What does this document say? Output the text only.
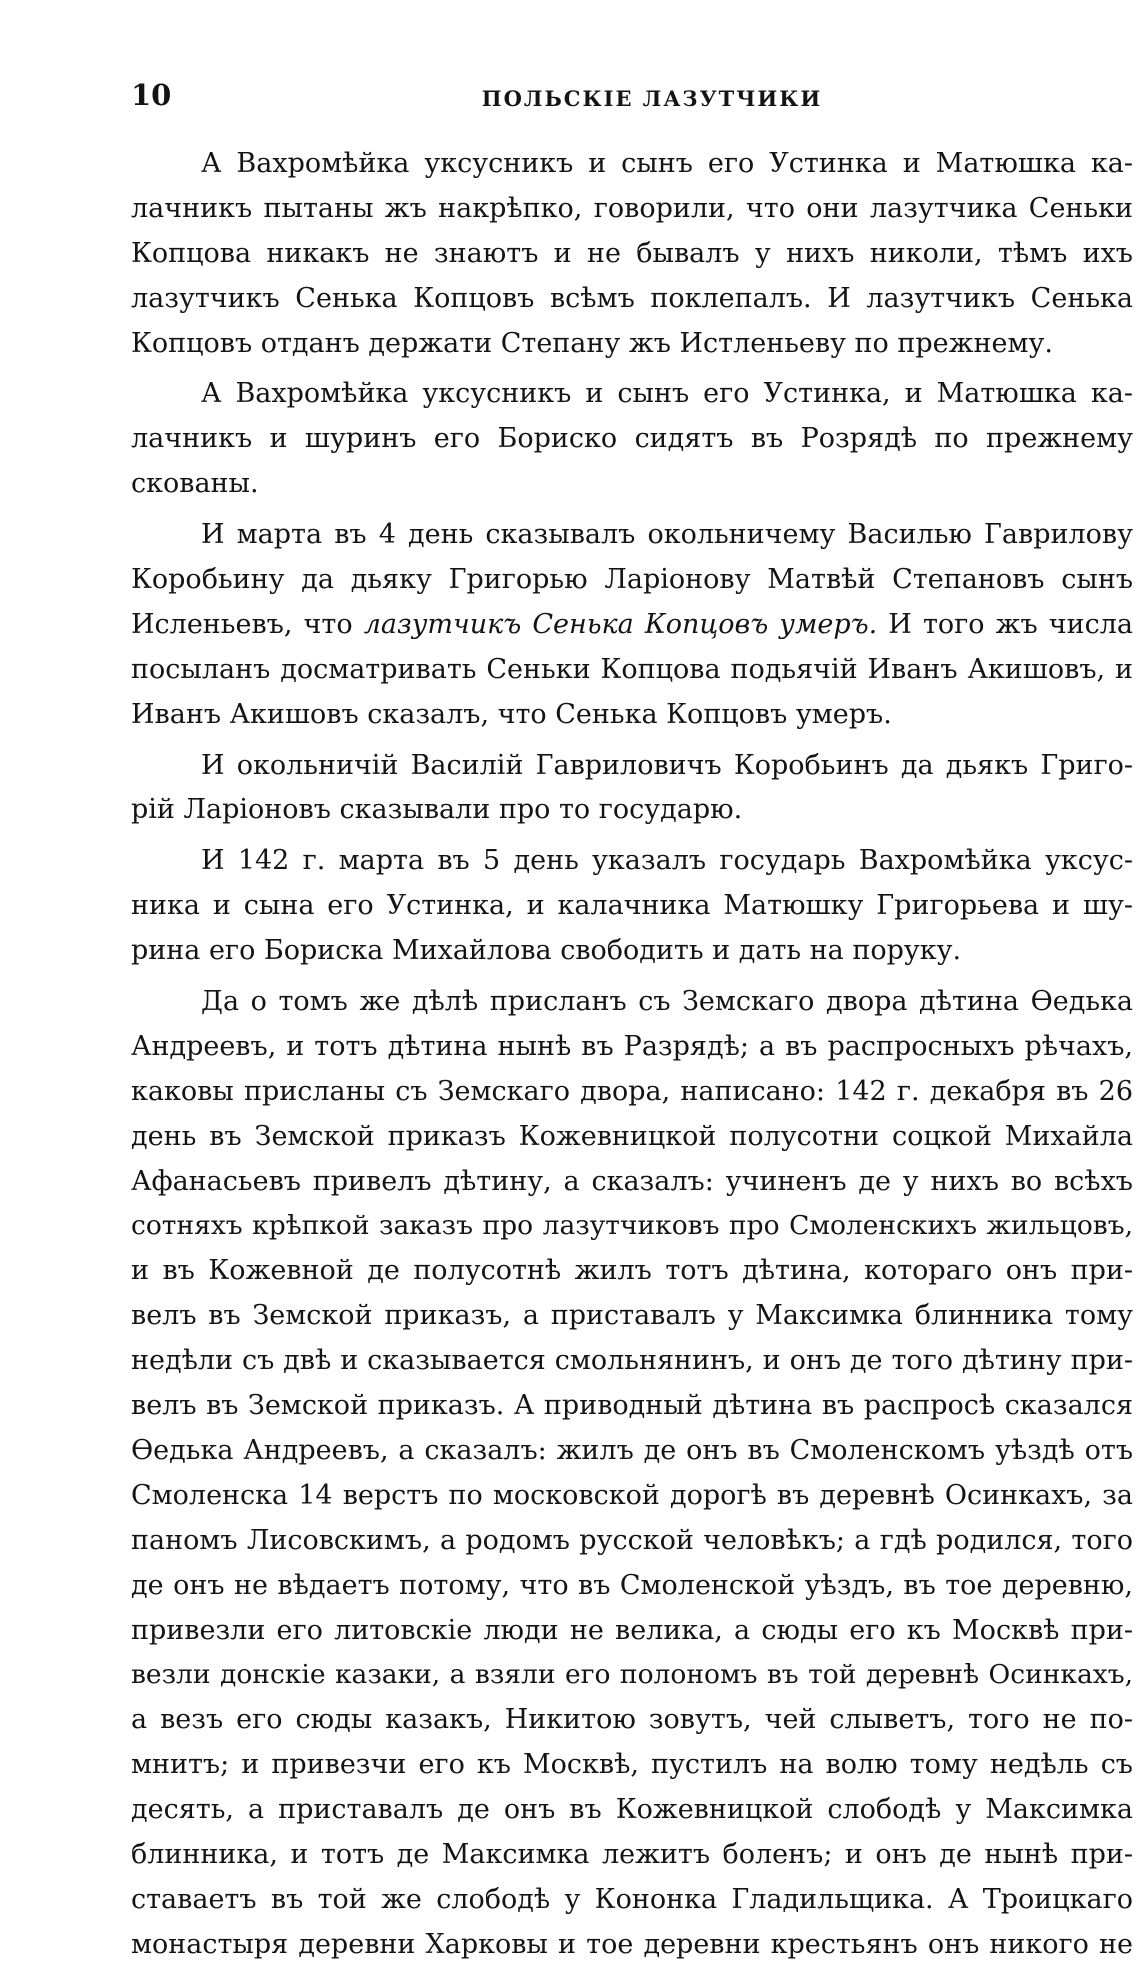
10	ПОЛЬСКІЕ ЛАЗУТЧИКИ

А Вахромѣйка уксусникъ и сынъ его Устинка и Матюшка ка-
лачникъ пытаны жъ накрѣпко, говорили, что они лазутчика Сеньки
Копцова никакъ не знаютъ и не бывалъ у нихъ николи, тѣмъ ихъ
лазутчикъ Сенька Копцовъ всѣмъ поклепалъ. И лазутчикъ Сенька
Копцовъ отданъ держати Степану жъ Истленьеву по прежнему.

А Вахромѣйка уксусникъ и сынъ его Устинка, и Матюшка ка-
лачникъ и шуринъ его Бориско сидятъ въ Розрядѣ по прежнему
скованы.

И марта въ 4 день сказывалъ окольничему Василью Гаврилову
Коробьину да дьяку Григорью Ларіонову Матвѣй Степановъ сынъ
Исленьевъ, что лазутчикъ Сенька Копцовъ умеръ. И того жъ числа
посыланъ досматривать Сеньки Копцова подьячій Иванъ Акишовъ, и
Иванъ Акишовъ сказалъ, что Сенька Копцовъ умеръ.

И окольничій Василій Гавриловичъ Коробьинъ да дьякъ Григо-
рій Ларіоновъ сказывали про то государю.

И 142 г. марта въ 5 день указалъ государь Вахромѣйка уксус-
ника и сына его Устинка, и калачника Матюшку Григорьева и шу-
рина его Бориска Михайлова свободить и дать на поруку.

Да о томъ же дѣлѣ присланъ съ Земскаго двора дѣтина Өедька
Андреевъ, и тотъ дѣтина нынѣ въ Разрядѣ; а въ распросныхъ рѣчахъ,
каковы присланы съ Земскаго двора, написано: 142 г. декабря въ 26
день въ Земской приказъ Кожевницкой полусотни соцкой Михайла
Афанасьевъ привелъ дѣтину, а сказалъ: учиненъ де у нихъ во всѣхъ
сотняхъ крѣпкой заказъ про лазутчиковъ про Смоленскихъ жильцовъ,
и въ Кожевной де полусотнѣ жилъ тотъ дѣтина, котораго онъ при-
велъ въ Земской приказъ, а приставалъ у Максимка блинника тому
недѣли съ двѣ и сказывается смольнянинъ, и онъ де того дѣтину при-
велъ въ Земской приказъ. А приводный дѣтина въ распросѣ сказался
Өедька Андреевъ, а сказалъ: жилъ де онъ въ Смоленскомъ уѣздѣ отъ
Смоленска 14 верстъ по московской дорогѣ въ деревнѣ Осинкахъ, за
паномъ Лисовскимъ, а родомъ русской человѣкъ; а гдѣ родился, того
де онъ не вѣдаетъ потому, что въ Смоленской уѣздъ, въ тое деревню,
привезли его литовскіе люди не велика, а сюды его къ Москвѣ при-
везли донскіе казаки, а взяли его полономъ въ той деревнѣ Осинкахъ,
а везъ его сюды казакъ, Никитою зовутъ, чей слыветъ, того не по-
мнитъ; и привезчи его къ Москвѣ, пустилъ на волю тому недѣль съ
десять, а приставалъ де онъ въ Кожевницкой слободѣ у Максимка
блинника, и тотъ де Максимка лежитъ боленъ; и онъ де нынѣ при-
ставаетъ въ той же слободѣ у Кононка Гладильщика. А Троицкаго
монастыря деревни Харковы и тое деревни крестьянъ онъ никого не
